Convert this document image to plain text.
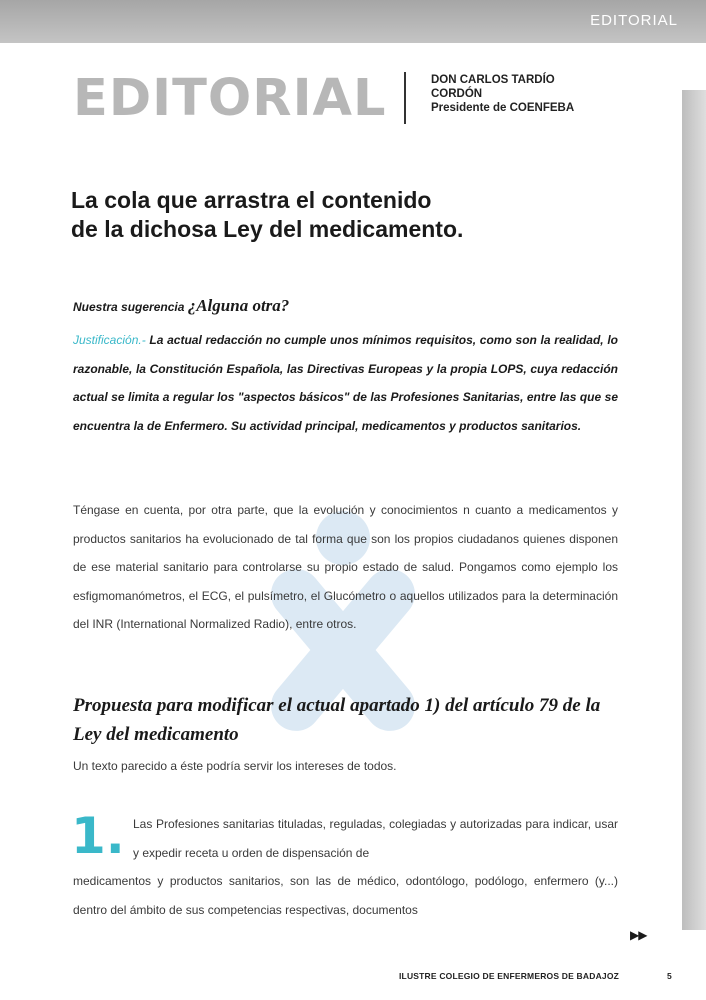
EDITORIAL
EDITORIAL	DON CARLOS TARDÍO
CORDÓN
Presidente de COENFEBA
La cola que arrastra el contenido
de la dichosa Ley del medicamento.
Nuestra sugerencia ¿Alguna otra?

Justificación.- La actual redacción no cumple unos mínimos requisitos, como son la realidad, lo razonable, la Constitución Española, las Directivas Europeas y la propia LOPS, cuya redacción actual se limita a regular los "aspectos básicos" de las Profesiones Sanitarias, entre las que se encuentra la de Enfermero. Su actividad principal, medicamentos y productos sanitarios.

Téngase en cuenta, por otra parte, que la evolución y conocimientos n cuanto a medicamentos y productos sanitarios ha evolucionado de tal forma que son los propios ciudadanos quienes disponen de ese material sanitario para controlarse su propio estado de salud. Pongamos como ejemplo los esfigmomanómetros, el ECG, el pulsímetro, el Glucómetro o aquellos utilizados para la determinación del INR (International Normalized Radio), entre otros.

Propuesta para modificar el actual apartado 1) del artículo 79 de la Ley del medicamento

Un texto parecido a éste podría servir los intereses de todos.

1. Las Profesiones sanitarias tituladas, reguladas, colegiadas y autorizadas para indicar, usar y expedir receta u orden de dispensación de

medicamentos y productos sanitarios, son las de médico, odontólogo, podólogo, enfermero (y...) dentro del ámbito de sus competencias respectivas, documentos

▶▶
ILUSTRE COLEGIO DE ENFERMEROS DE BADAJOZ	5
